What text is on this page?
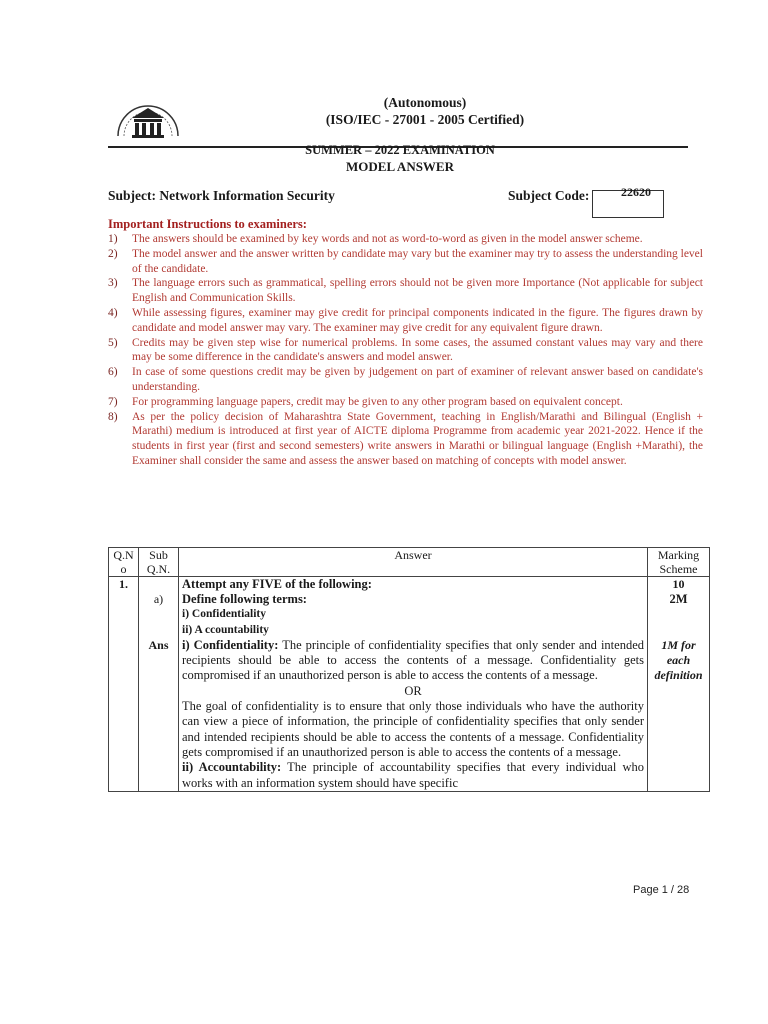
(Autonomous)
(ISO/IEC - 27001 - 2005 Certified)
SUMMER – 2022 EXAMINATION
MODEL ANSWER
Subject: Network Information Security	Subject Code:	22620
Important Instructions to examiners:
1)	The answers should be examined by key words and not as word-to-word as given in the model answer scheme.
2)	The model answer and the answer written by candidate may vary but the examiner may try to assess the understanding level of the candidate.
3)	The language errors such as grammatical, spelling errors should not be given more Importance (Not applicable for subject English and Communication Skills.
4)	While assessing figures, examiner may give credit for principal components indicated in the figure. The figures drawn by candidate and model answer may vary. The examiner may give credit for any equivalent figure drawn.
5)	Credits may be given step wise for numerical problems. In some cases, the assumed constant values may vary and there may be some difference in the candidate's answers and model answer.
6)	In case of some questions credit may be given by judgement on part of examiner of relevant answer based on candidate's understanding.
7)	For programming language papers, credit may be given to any other program based on equivalent concept.
8)	As per the policy decision of Maharashtra State Government, teaching in English/Marathi and Bilingual (English + Marathi) medium is introduced at first year of AICTE diploma Programme from academic year 2021-2022. Hence if the students in first year (first and second semesters) write answers in Marathi or bilingual language (English +Marathi), the Examiner shall consider the same and assess the answer based on matching of concepts with model answer.
Q.N o	Sub Q.N.	Answer	Marking Scheme
1.		Attempt any FIVE of the following:	10
	a)	Define following terms:

i) Confidentiality

ii) A ccountability	2M
	Ans	i) Confidentiality: The principle of confidentiality specifies that only sender and intended recipients should be able to access the contents of a message. Confidentiality gets compromised if an unauthorized person is able to access the contents of a message.

OR

The goal of confidentiality is to ensure that only those individuals who have the authority can view a piece of information, the principle of confidentiality specifies that only sender and intended recipients should be able to access the contents of a message. Confidentiality gets compromised if an unauthorized person is able to access the contents of a message.

ii) Accountability: The principle of accountability specifies that every individual who works with an information system should have specific	1M for each definition
Page 1 / 28
